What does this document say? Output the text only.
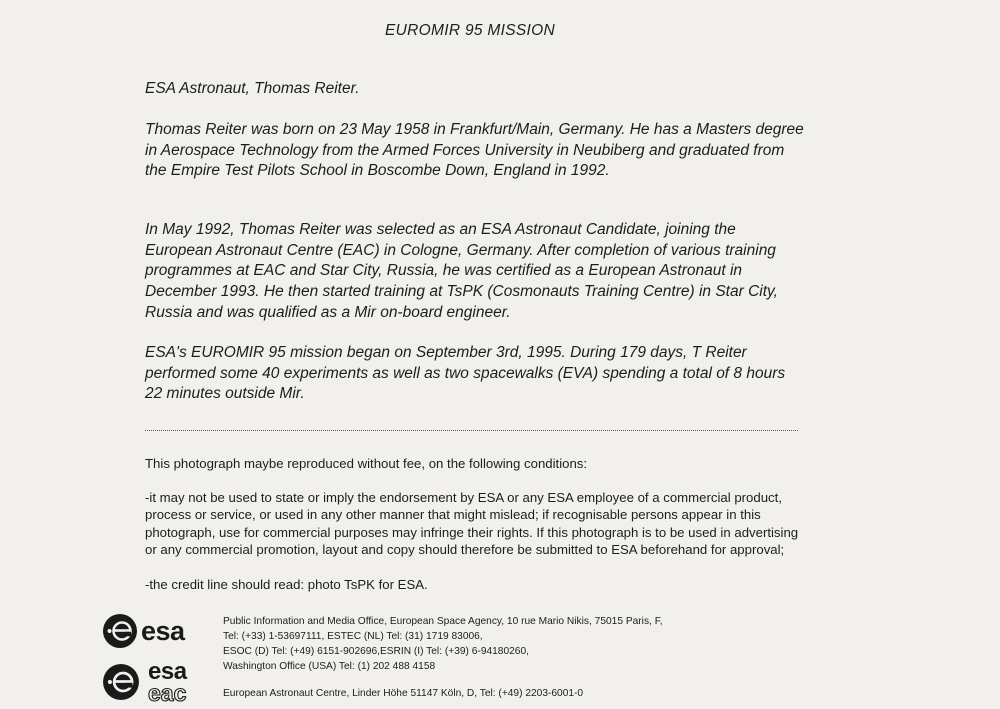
EUROMIR 95 MISSION

ESA Astronaut, Thomas Reiter.

Thomas Reiter was born on 23 May 1958 in Frankfurt/Main, Germany. He has a Masters degree in Aerospace Technology from the Armed Forces University in Neubiberg and graduated from the Empire Test Pilots School in Boscombe Down, England in 1992.

In May 1992, Thomas Reiter was selected as an ESA Astronaut Candidate, joining the European Astronaut Centre (EAC) in Cologne, Germany. After completion of various training programmes at EAC and Star City, Russia, he was certified as a European Astronaut in December 1993. He then started training at TsPK (Cosmonauts Training Centre) in Star City, Russia and was qualified as a Mir on-board engineer.

ESA's EUROMIR 95 mission began on September 3rd, 1995. During 179 days, T Reiter performed some 40 experiments as well as two spacewalks (EVA) spending a total of 8 hours 22 minutes outside Mir.

This photograph maybe reproduced without fee, on the following conditions:

-it may not be used to state or imply the endorsement by ESA or any ESA employee of a commercial product, process or service, or used in any other manner that might mislead; if recognisable persons appear in this photograph, use for commercial purposes may infringe their rights. If this photograph is to be used in advertising or any commercial promotion, layout and copy should therefore be submitted to ESA beforehand for approval;

-the credit line should read: photo TsPK for ESA.

esa
esa
eac

Public Information and Media Office, European Space Agency, 10 rue Mario Nikis, 75015 Paris, F,

Tel: (+33) 1-53697111, ESTEC (NL) Tel: (31) 1719 83006,

ESOC (D) Tel: (+49) 6151-902696,ESRIN (I) Tel: (+39) 6-94180260,

Washington Office (USA) Tel: (1) 202 488 4158

European Astronaut Centre, Linder Höhe 51147 Köln, D, Tel: (+49) 2203-6001-0
